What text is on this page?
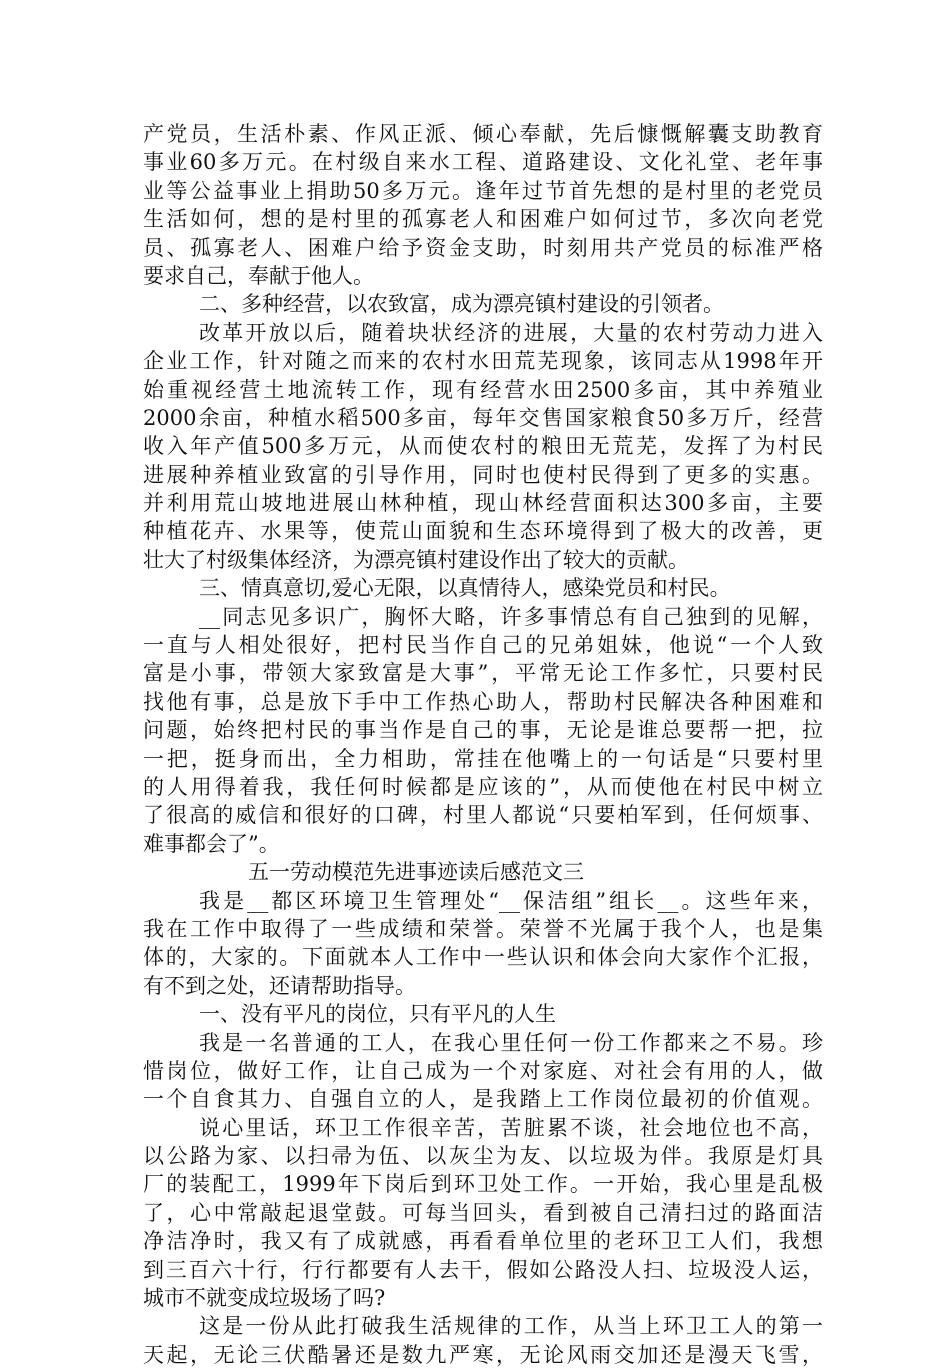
产党员，生活朴素、作风正派、倾心奉献，先后慷慨解囊支助教育
事业60多万元。在村级自来水工程、道路建设、文化礼堂、老年事
业等公益事业上捐助50多万元。逢年过节首先想的是村里的老党员
生活如何，想的是村里的孤寡老人和困难户如何过节，多次向老党
员、孤寡老人、困难户给予资金支助，时刻用共产党员的标准严格
要求自己，奉献于他人。
二、多种经营，以农致富，成为漂亮镇村建设的引领者。
改革开放以后，随着块状经济的进展，大量的农村劳动力进入
企业工作，针对随之而来的农村水田荒芜现象，该同志从1998年开
始重视经营土地流转工作，现有经营水田2500多亩，其中养殖业
2000余亩，种植水稻500多亩，每年交售国家粮食50多万斤，经营
收入年产值500多万元，从而使农村的粮田无荒芜，发挥了为村民
进展种养植业致富的引导作用，同时也使村民得到了更多的实惠。
并利用荒山坡地进展山林种植，现山林经营面积达300多亩，主要
种植花卉、水果等，使荒山面貌和生态环境得到了极大的改善，更
壮大了村级集体经济，为漂亮镇村建设作出了较大的贡献。
三、情真意切,爱心无限，以真情待人，感染党员和村民。
__同志见多识广，胸怀大略，许多事情总有自己独到的见解，
一直与人相处很好，把村民当作自己的兄弟姐妹，他说“一个人致
富是小事，带领大家致富是大事”，平常无论工作多忙，只要村民
找他有事，总是放下手中工作热心助人，帮助村民解决各种困难和
问题，始终把村民的事当作是自己的事，无论是谁总要帮一把，拉
一把，挺身而出，全力相助，常挂在他嘴上的一句话是“只要村里
的人用得着我，我任何时候都是应该的”，从而使他在村民中树立
了很高的威信和很好的口碑，村里人都说“只要柏军到，任何烦事、
难事都会了”。
五一劳动模范先进事迹读后感范文三
我是__都区环境卫生管理处“__保洁组”组长__。这些年来，
我在工作中取得了一些成绩和荣誉。荣誉不光属于我个人，也是集
体的，大家的。下面就本人工作中一些认识和体会向大家作个汇报，
有不到之处，还请帮助指导。
一、没有平凡的岗位，只有平凡的人生
我是一名普通的工人，在我心里任何一份工作都来之不易。珍
惜岗位，做好工作，让自己成为一个对家庭、对社会有用的人，做
一个自食其力、自强自立的人，是我踏上工作岗位最初的价值观。
说心里话，环卫工作很辛苦，苦脏累不谈，社会地位也不高，
以公路为家、以扫帚为伍、以灰尘为友、以垃圾为伴。我原是灯具
厂的装配工，1999年下岗后到环卫处工作。一开始，我心里是乱极
了，心中常敲起退堂鼓。可每当回头，看到被自己清扫过的路面洁
净洁净时，我又有了成就感，再看看单位里的老环卫工人们，我想
到三百六十行，行行都要有人去干，假如公路没人扫、垃圾没人运，
城市不就变成垃圾场了吗?
这是一份从此打破我生活规律的工作，从当上环卫工人的第一
天起，无论三伏酷暑还是数九严寒，无论风雨交加还是漫天飞雪，
